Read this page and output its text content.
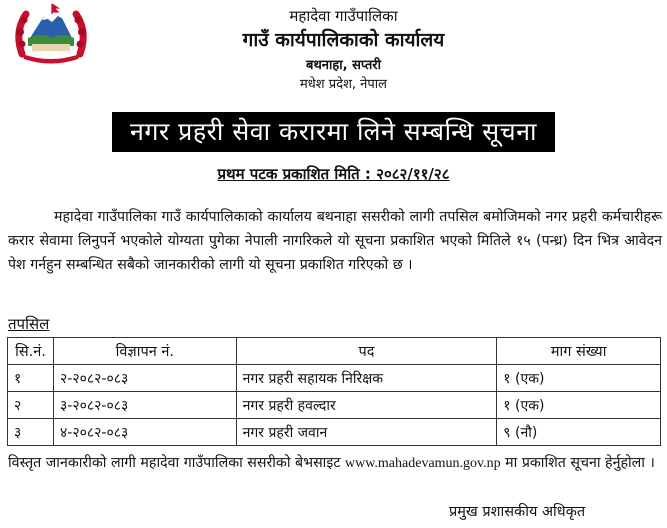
महादेवा गाउँपालिका
गाउँ कार्यपालिकाको कार्यालय
बथनाहा, सप्तरी
मधेश प्रदेश, नेपाल
नगर प्रहरी सेवा करारमा लिने सम्बन्धि सूचना
प्रथम पटक प्रकाशित मिति : २०८२/११/२८

महादेवा गाउँपालिका गाउँ कार्यपालिकाको कार्यालय बथनाहा ससरीको लागी तपसिल बमोजिमको नगर प्रहरी कर्मचारीहरू करार सेवामा लिनुपर्ने भएकोले योग्यता पुगेका नेपाली नागरिकले यो सूचना प्रकाशित भएको मितिले १५ (पन्ध्र) दिन भित्र आवेदन पेश गर्नहुन सम्बन्धित सबैको जानकारीको लागी यो सूचना प्रकाशित गरिएको छ ।

तपसिल
सि.नं.	विज्ञापन नं.	पद	माग संख्या
१	२-२०८२-०८३	नगर प्रहरी सहायक निरिक्षक	१ (एक)
२	३-२०८२-०८३	नगर प्रहरी हवल्दार	१ (एक)
३	४-२०८२-०८३	नगर प्रहरी जवान	९ (नौ)

विस्तृत जानकारीको लागी महादेवा गाउँपालिका ससरीको बेभसाइट www.mahadevamun.gov.np मा प्रकाशित सूचना हेर्नुहोला ।

प्रमुख प्रशासकीय अधिकृत
